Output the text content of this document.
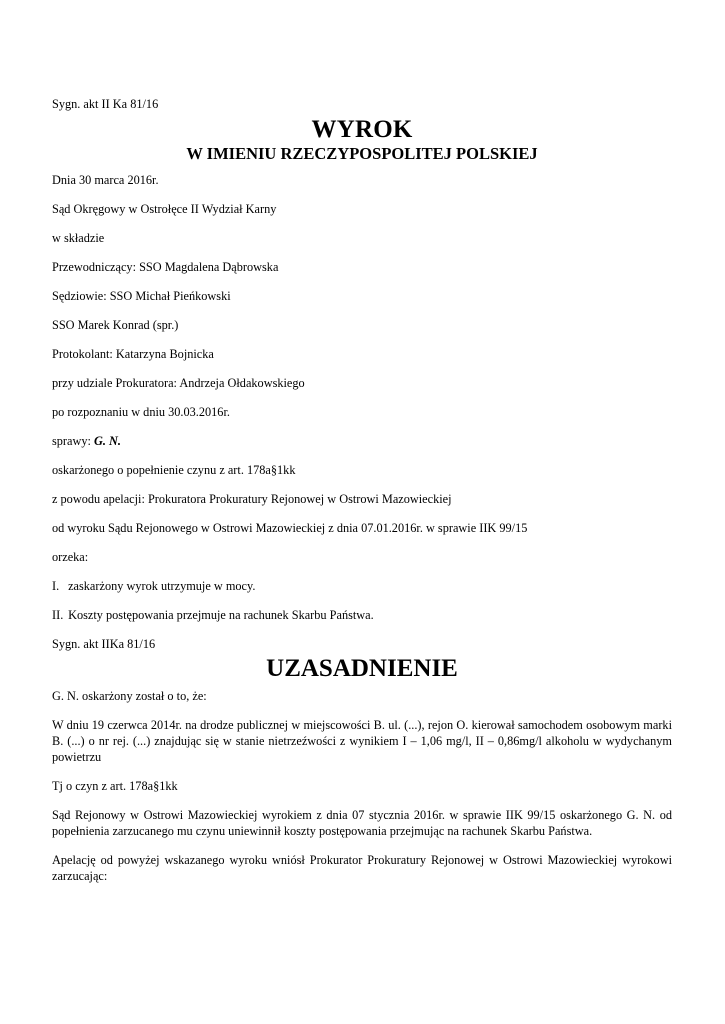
Sygn. akt II Ka 81/16

WYROK
W IMIENIU RZECZYPOSPOLITEJ POLSKIEJ

Dnia 30 marca 2016r.

Sąd Okręgowy w Ostrołęce II Wydział Karny

w składzie

Przewodniczący: SSO Magdalena Dąbrowska

Sędziowie: SSO Michał Pieńkowski

SSO Marek Konrad (spr.)

Protokolant: Katarzyna Bojnicka

przy udziale Prokuratora: Andrzeja Ołdakowskiego

po rozpoznaniu w dniu 30.03.2016r.

sprawy: G. N.

oskarżonego o popełnienie czynu z art. 178a§1kk

z powodu apelacji: Prokuratora Prokuratury Rejonowej w Ostrowi Mazowieckiej

od wyroku Sądu Rejonowego w Ostrowi Mazowieckiej z dnia 07.01.2016r. w sprawie IIK 99/15

orzeka:

I. zaskarżony wyrok utrzymuje w mocy.

II. Koszty postępowania przejmuje na rachunek Skarbu Państwa.

Sygn. akt IIKa 81/16

UZASADNIENIE

G. N. oskarżony został o to, że:

W dniu 19 czerwca 2014r. na drodze publicznej w miejscowości B. ul. (...), rejon O. kierował samochodem osobowym marki B. (...) o nr rej. (...) znajdując się w stanie nietrzeźwości z wynikiem I – 1,06 mg/l, II – 0,86mg/l alkoholu w wydychanym powietrzu

Tj o czyn z art. 178a§1kk

Sąd Rejonowy w Ostrowi Mazowieckiej wyrokiem z dnia 07 stycznia 2016r. w sprawie IIK 99/15 oskarżonego G. N. od popełnienia zarzucanego mu czynu uniewinnił koszty postępowania przejmując na rachunek Skarbu Państwa.

Apelację od powyżej wskazanego wyroku wniósł Prokurator Prokuratury Rejonowej w Ostrowi Mazowieckiej wyrokowi zarzucając:
